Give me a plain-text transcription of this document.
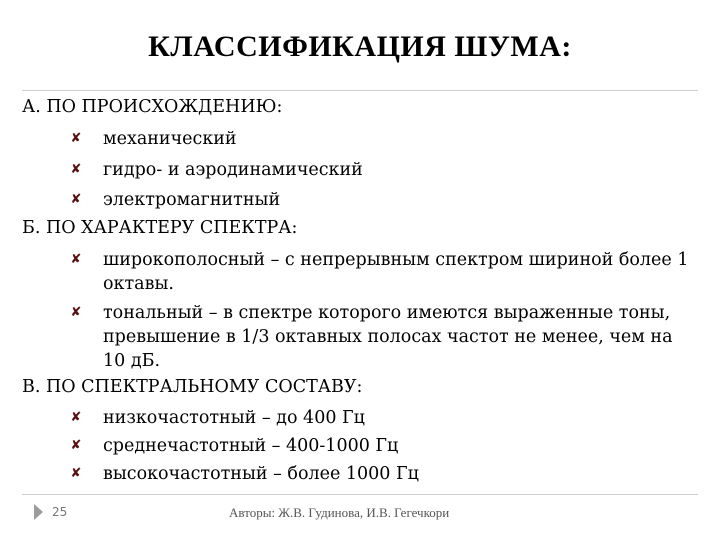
КЛАССИФИКАЦИЯ ШУМА:
А. ПО ПРОИСХОЖДЕНИЮ:
✘ механический
✘ гидро- и аэродинамический
✘ электромагнитный
Б. ПО ХАРАКТЕРУ СПЕКТРА:
✘ широкополосный – с непрерывным спектром шириной более 1 октавы.
✘ тональный – в спектре которого имеются выраженные тоны, превышение в 1/3 октавных полосах частот не менее, чем на 10 дБ.
В. ПО СПЕКТРАЛЬНОМУ СОСТАВУ:
✘ низкочастотный – до 400 Гц
✘ среднечастотный – 400-1000 Гц
✘ высокочастотный – более 1000 Гц
25	Авторы: Ж.В. Гудинова, И.В. Гегечкори
